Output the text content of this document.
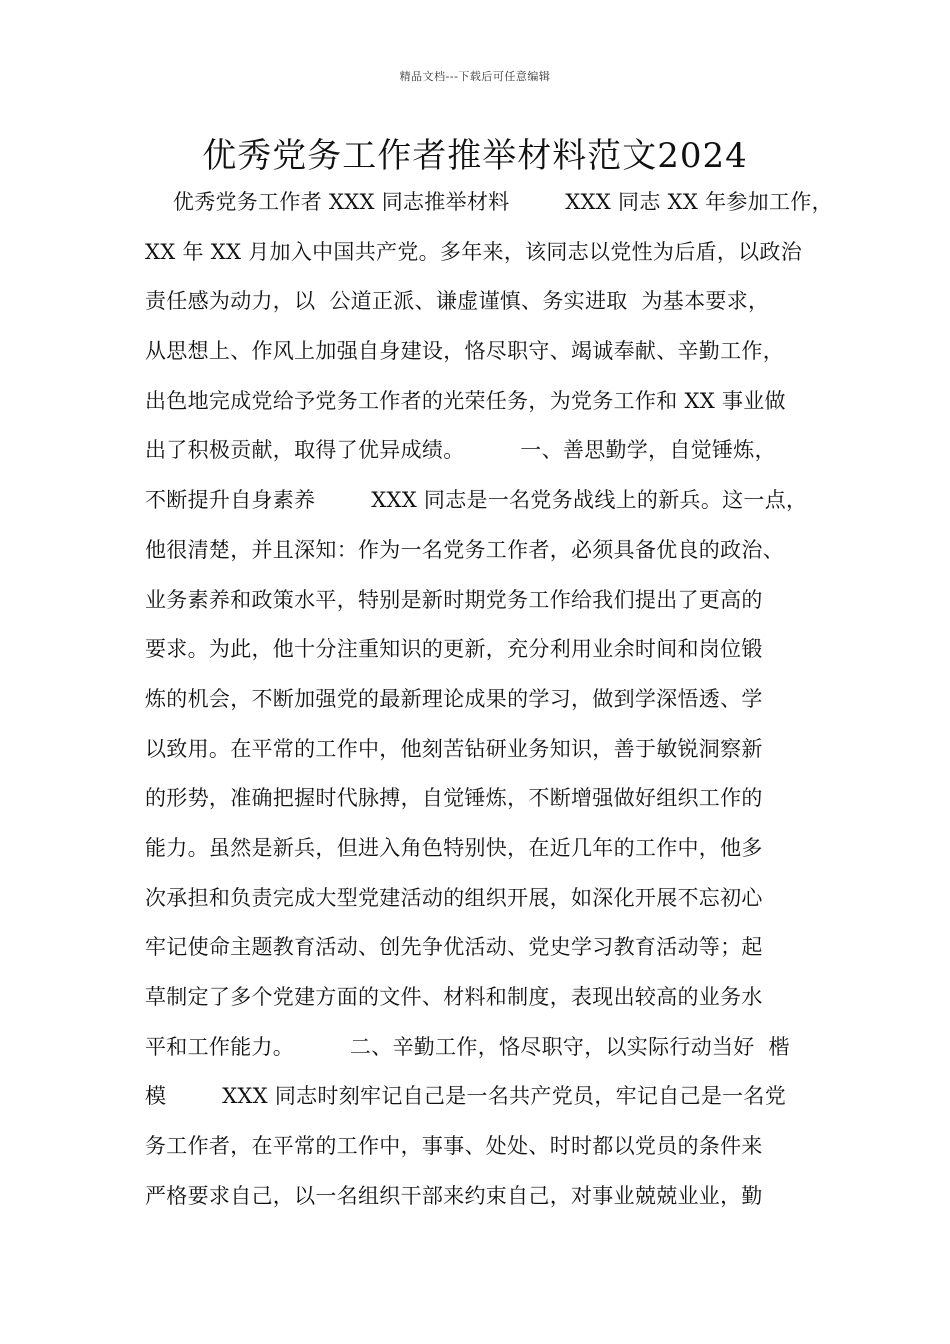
精品文档---下载后可任意编辑
优秀党务工作者推举材料范文2024
优秀党务工作者 XXX 同志推举材料        XXX 同志 XX 年参加工作，
XX 年 XX 月加入中国共产党。多年来，该同志以党性为后盾，以政治
责任感为动力，以  公道正派、谦虚谨慎、务实进取  为基本要求，
从思想上、作风上加强自身建设，恪尽职守、竭诚奉献、辛勤工作，
出色地完成党给予党务工作者的光荣任务，为党务工作和 XX 事业做
出了积极贡献，取得了优异成绩。        一、善思勤学，自觉锤炼，
不断提升自身素养        XXX 同志是一名党务战线上的新兵。这一点，
他很清楚，并且深知：作为一名党务工作者，必须具备优良的政治、
业务素养和政策水平，特别是新时期党务工作给我们提出了更高的
要求。为此，他十分注重知识的更新，充分利用业余时间和岗位锻
炼的机会，不断加强党的最新理论成果的学习，做到学深悟透、学
以致用。在平常的工作中，他刻苦钻研业务知识，善于敏锐洞察新
的形势，准确把握时代脉搏，自觉锤炼，不断增强做好组织工作的
能力。虽然是新兵，但进入角色特别快，在近几年的工作中，他多
次承担和负责完成大型党建活动的组织开展，如深化开展不忘初心
牢记使命主题教育活动、创先争优活动、党史学习教育活动等；起
草制定了多个党建方面的文件、材料和制度，表现出较高的业务水
平和工作能力。        二、辛勤工作，恪尽职守，以实际行动当好  楷
模        XXX 同志时刻牢记自己是一名共产党员，牢记自己是一名党
务工作者，在平常的工作中，事事、处处、时时都以党员的条件来
严格要求自己，以一名组织干部来约束自己，对事业兢兢业业，勤
